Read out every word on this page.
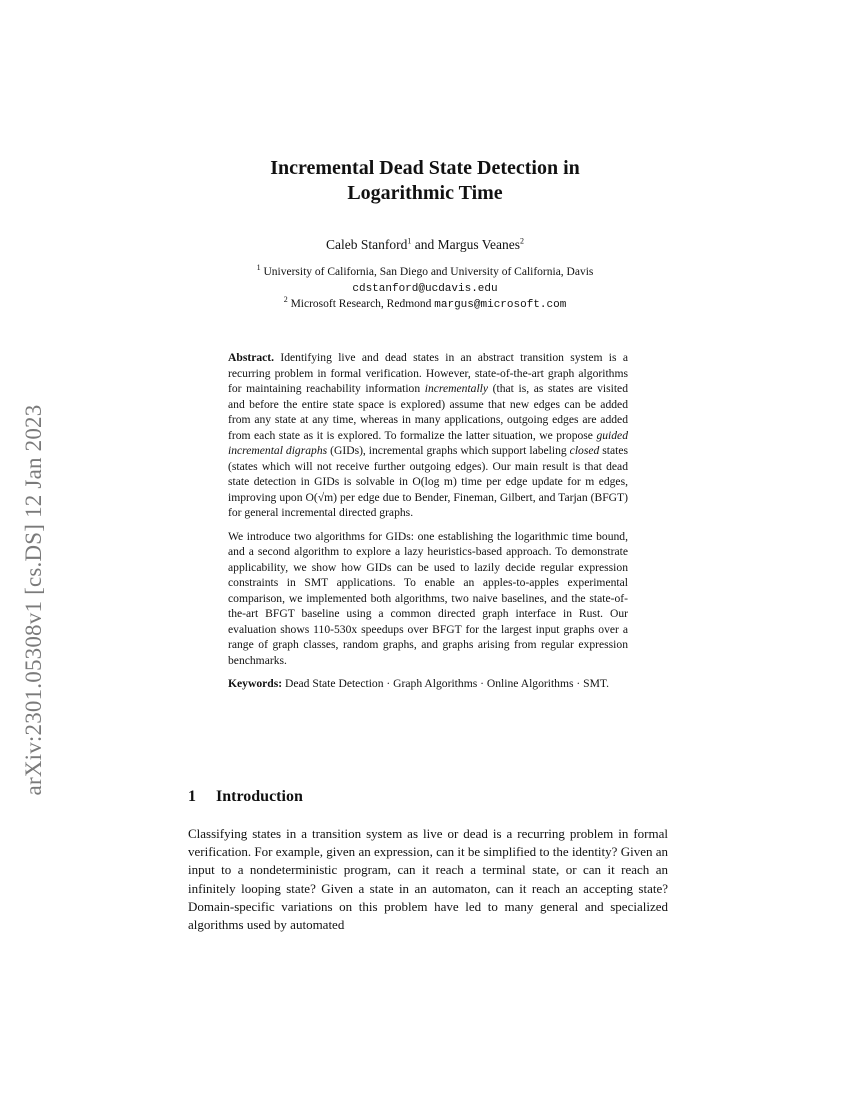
arXiv:2301.05308v1 [cs.DS] 12 Jan 2023
Incremental Dead State Detection in
Logarithmic Time
Caleb Stanford$^1$ and Margus Veanes$^2$
$^1$ University of California, San Diego and University of California, Davis
cdstanford@ucdavis.edu
$^2$ Microsoft Research, Redmond margus@microsoft.com

Abstract. Identifying live and dead states in an abstract transition system is a recurring problem in formal verification. However, state-of-the-art graph algorithms for maintaining reachability information incrementally (that is, as states are visited and before the entire state space is explored) assume that new edges can be added from any state at any time, whereas in many applications, outgoing edges are added from each state as it is explored. To formalize the latter situation, we propose guided incremental digraphs (GIDs), incremental graphs which support labeling closed states (states which will not receive further outgoing edges). Our main result is that dead state detection in GIDs is solvable in O(log m) time per edge update for m edges, improving upon O(√m) per edge due to Bender, Fineman, Gilbert, and Tarjan (BFGT) for general incremental directed graphs.

We introduce two algorithms for GIDs: one establishing the logarithmic time bound, and a second algorithm to explore a lazy heuristics-based approach. To demonstrate applicability, we show how GIDs can be used to lazily decide regular expression constraints in SMT applications. To enable an apples-to-apples experimental comparison, we implemented both algorithms, two naive baselines, and the state-of-the-art BFGT baseline using a common directed graph interface in Rust. Our evaluation shows 110-530x speedups over BFGT for the largest input graphs over a range of graph classes, random graphs, and graphs arising from regular expression benchmarks.

Keywords: Dead State Detection · Graph Algorithms · Online Algorithms · SMT.

1 Introduction
Classifying states in a transition system as live or dead is a recurring problem in formal verification. For example, given an expression, can it be simplified to the identity? Given an input to a nondeterministic program, can it reach a terminal state, or can it reach an infinitely looping state? Given a state in an automaton, can it reach an accepting state? Domain-specific variations on this problem have led to many general and specialized algorithms used by automated
